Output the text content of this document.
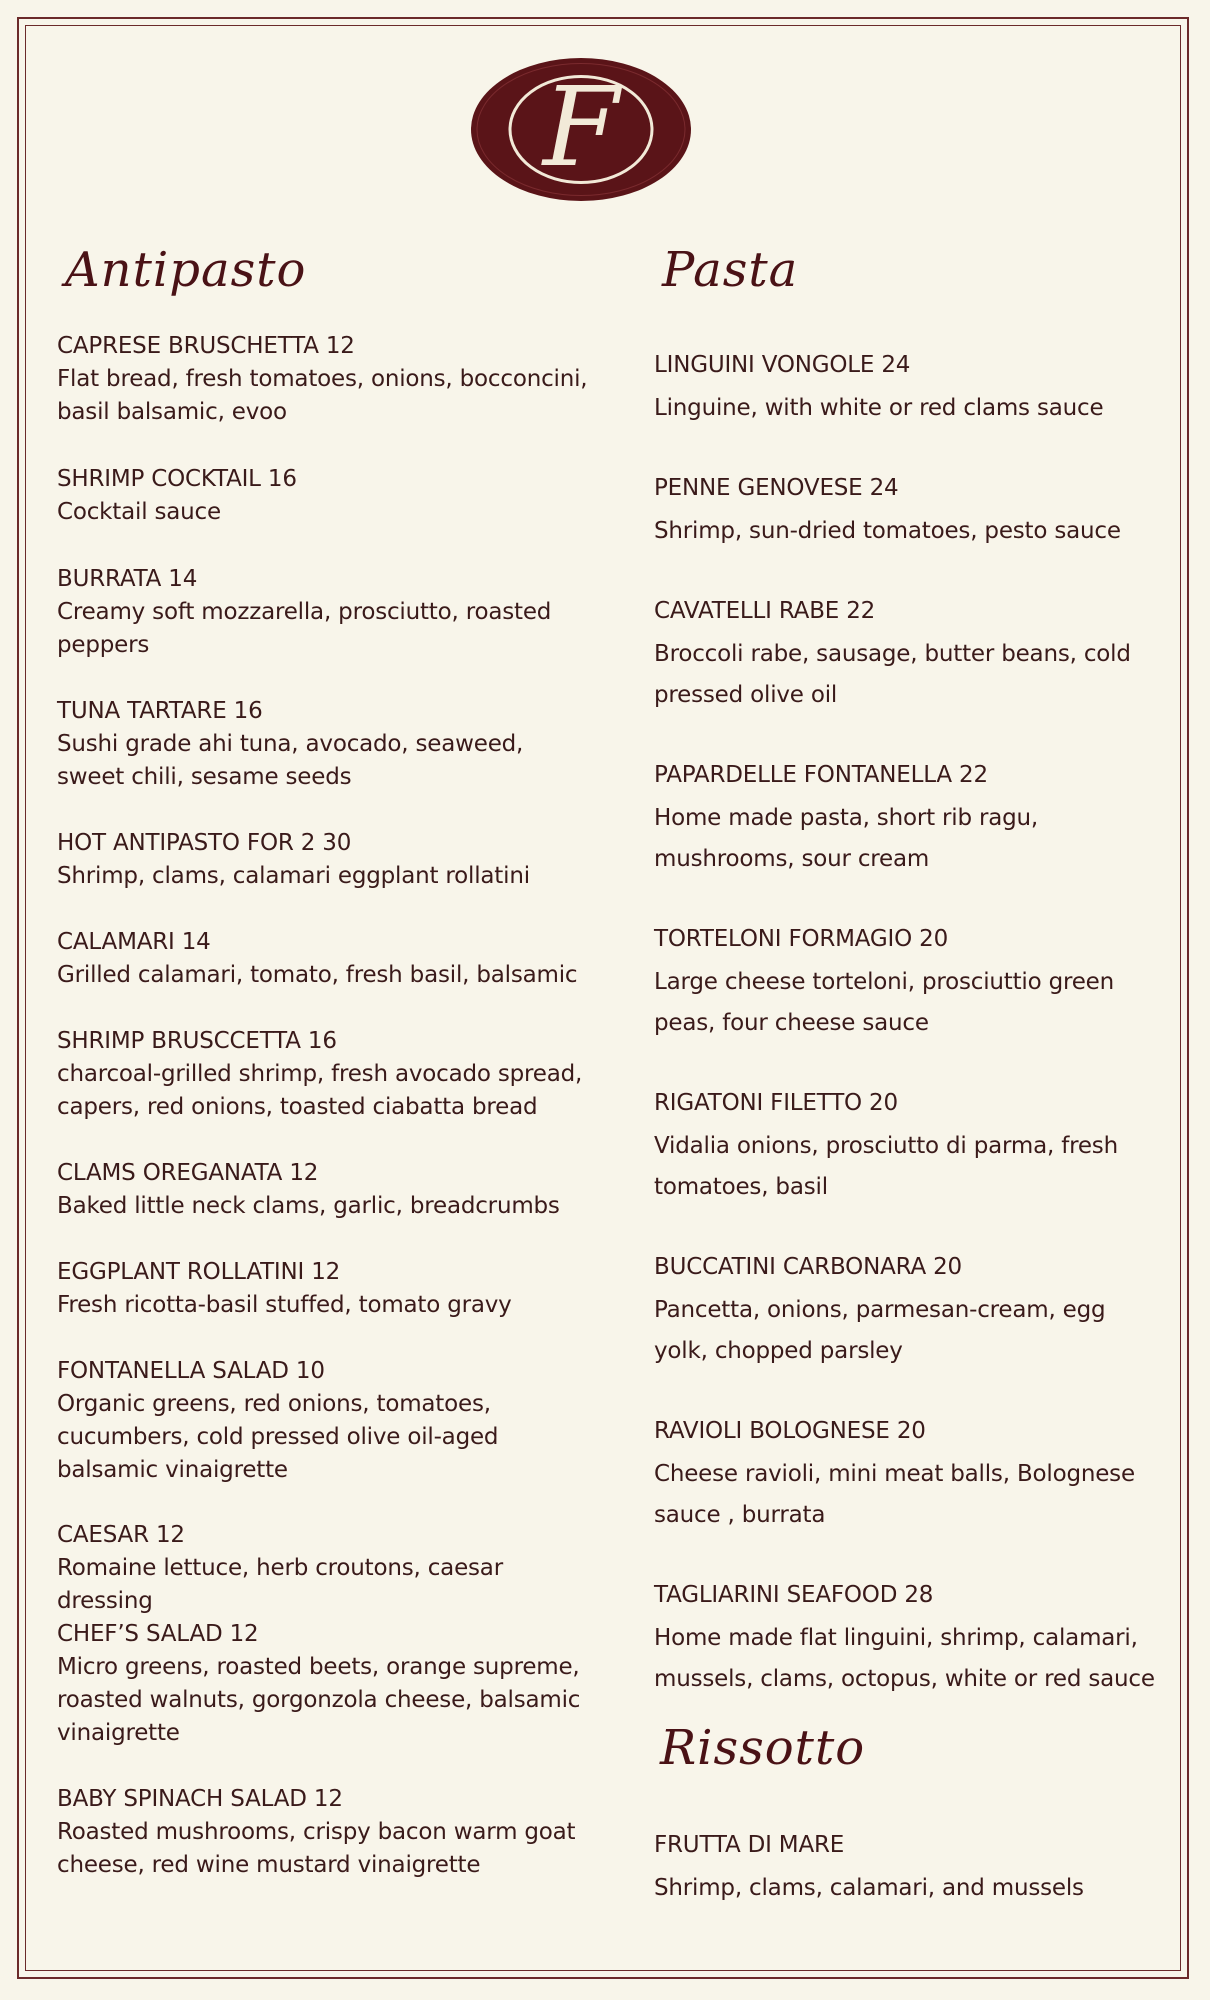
F
Antipasto
CAPRESE BRUSCHETTA 12
Flat bread, fresh tomatoes, onions, bocconcini, basil balsamic, evoo
SHRIMP COCKTAIL 16
Cocktail sauce
BURRATA 14
Creamy soft mozzarella, prosciutto, roasted peppers
TUNA TARTARE 16
Sushi grade ahi tuna, avocado, seaweed, sweet chili, sesame seeds
HOT ANTIPASTO FOR 2 30
Shrimp, clams, calamari eggplant rollatini
CALAMARI 14
Grilled calamari, tomato, fresh basil, balsamic
SHRIMP BRUSCCETTA 16
charcoal-grilled shrimp, fresh avocado spread, capers, red onions, toasted ciabatta bread
CLAMS OREGANATA 12
Baked little neck clams, garlic, breadcrumbs
EGGPLANT ROLLATINI 12
Fresh ricotta-basil stuffed, tomato gravy
FONTANELLA SALAD 10
Organic greens, red onions, tomatoes, cucumbers, cold pressed olive oil-aged balsamic vinaigrette
CAESAR 12
Romaine lettuce, herb croutons, caesar dressing
CHEF’S SALAD 12
Micro greens, roasted beets, orange supreme, roasted walnuts, gorgonzola cheese, balsamic vinaigrette
BABY SPINACH SALAD 12
Roasted mushrooms, crispy bacon warm goat cheese, red wine mustard vinaigrette
Pasta
LINGUINI VONGOLE 24
Linguine, with white or red clams sauce
PENNE GENOVESE 24
Shrimp, sun-dried tomatoes, pesto sauce
CAVATELLI RABE 22
Broccoli rabe, sausage, butter beans, cold pressed olive oil
PAPARDELLE FONTANELLA 22
Home made pasta, short rib ragu, mushrooms, sour cream
TORTELONI FORMAGIO 20
Large cheese torteloni, prosciuttio green peas, four cheese sauce
RIGATONI FILETTO 20
Vidalia onions, prosciutto di parma, fresh tomatoes, basil
BUCCATINI CARBONARA 20
Pancetta, onions, parmesan-cream, egg yolk, chopped parsley
RAVIOLI BOLOGNESE 20
Cheese ravioli, mini meat balls, Bolognese sauce , burrata
TAGLIARINI SEAFOOD 28
Home made flat linguini, shrimp, calamari, mussels, clams, octopus, white or red sauce
Rissotto
FRUTTA DI MARE
Shrimp, clams, calamari, and mussels
